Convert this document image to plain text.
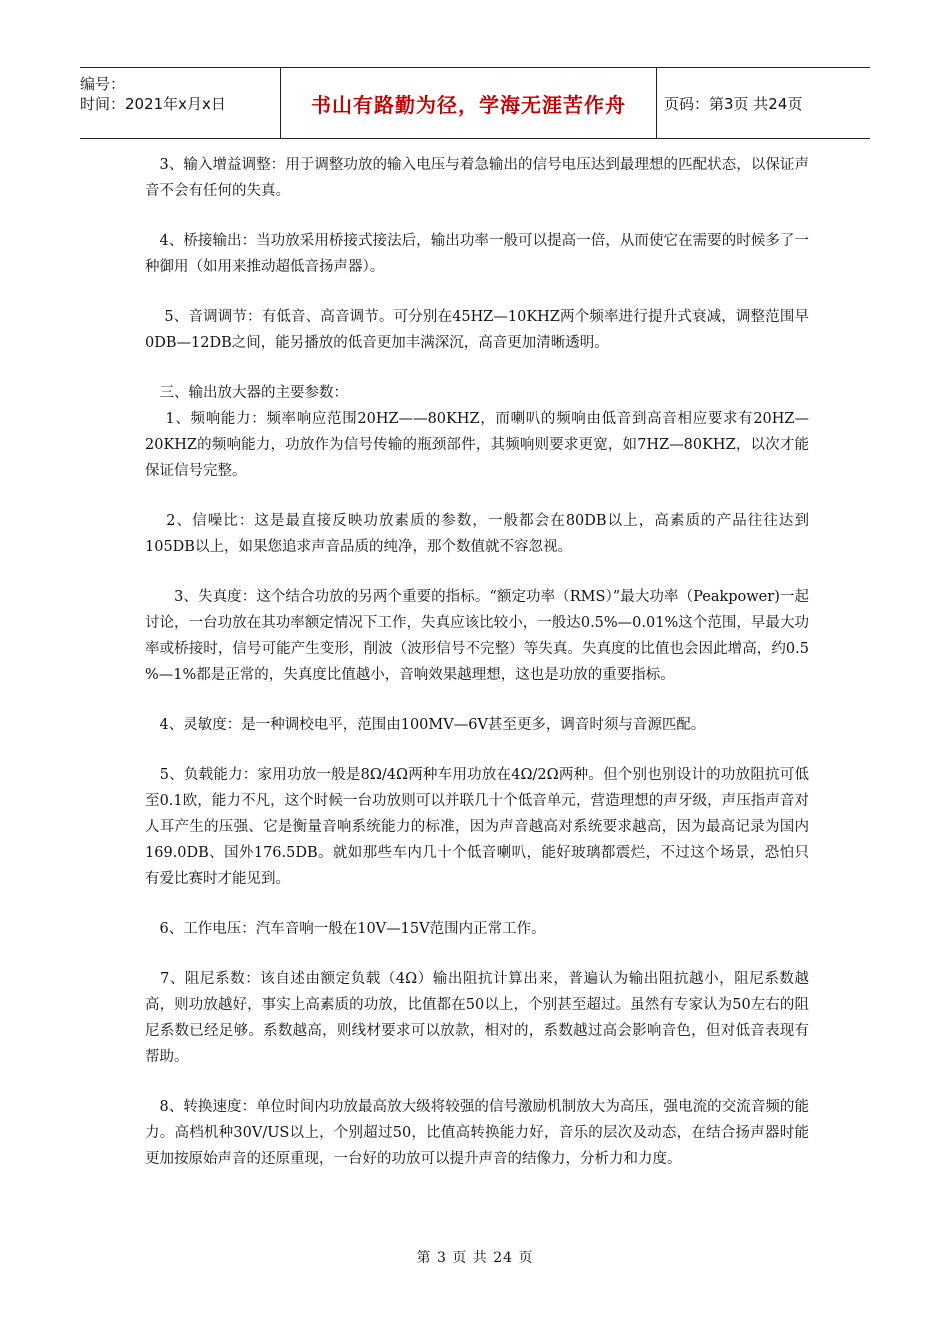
编号：
时间：2021年x月x日	书山有路勤为径，学海无涯苦作舟	页码：第3页 共24页

　3、输入增益调整：用于调整功放的输入电压与着急输出的信号电压达到最理想的匹配状态，以保证声音不会有任何的失真。

　4、桥接输出：当功放采用桥接式接法后，输出功率一般可以提高一倍，从而使它在需要的时候多了一种御用（如用来推动超低音扬声器）。

　 5、音调调节：有低音、高音调节。可分别在45HZ—10KHZ两个频率进行提升式衰减，调整范围早0DB—12DB之间，能另播放的低音更加丰满深沉，高音更加清晰透明。

　三、输出放大器的主要参数：

　 1、频响能力：频率响应范围20HZ——80KHZ，而喇叭的频响由低音到高音相应要求有20HZ—20KHZ的频响能力，功放作为信号传输的瓶颈部件，其频响则要求更宽，如7HZ—80KHZ，以次才能保证信号完整。

　 2、信噪比：这是最直接反映功放素质的参数，一般都会在80DB以上，高素质的产品往往达到105DB以上，如果您追求声音品质的纯净，那个数值就不容忽视。

　　3、失真度：这个结合功放的另两个重要的指标。“额定功率（RMS）”最大功率（Peakpower)一起讨论，一台功放在其功率额定情况下工作，失真应该比较小，一般达0.5%—0.01%这个范围，早最大功率或桥接时，信号可能产生变形，削波（波形信号不完整）等失真。失真度的比值也会因此增高，约0.5 %—1%都是正常的，失真度比值越小，音响效果越理想，这也是功放的重要指标。

　4、灵敏度：是一种调校电平，范围由100MV—6V甚至更多，调音时须与音源匹配。

　5、负载能力：家用功放一般是8Ω/4Ω两种车用功放在4Ω/2Ω两种。但个别也别设计的功放阻抗可低至0.1欧，能力不凡，这个时候一台功放则可以并联几十个低音单元，营造理想的声牙级，声压指声音对人耳产生的压强、它是衡量音响系统能力的标准，因为声音越高对系统要求越高，因为最高记录为国内 169.0DB、国外176.5DB。就如那些车内几十个低音喇叭，能好玻璃都震烂，不过这个场景，恐怕只有爱比赛时才能见到。

　6、工作电压：汽车音响一般在10V—15V范围内正常工作。

　7、阻尼系数：该自述由额定负载（4Ω）输出阻抗计算出来，普遍认为输出阻抗越小，阻尼系数越高，则功放越好，事实上高素质的功放，比值都在50以上，个别甚至超过。虽然有专家认为50左右的阻尼系数已经足够。系数越高，则线材要求可以放款，相对的，系数越过高会影响音色，但对低音表现有帮助。

　8、转换速度：单位时间内功放最高放大级将较强的信号激励机制放大为高压，强电流的交流音频的能力。高档机种30V/US以上，个别超过50，比值高转换能力好，音乐的层次及动态，在结合扬声器时能更加按原始声音的还原重现，一台好的功放可以提升声音的结像力，分析力和力度。

第 3 页 共 24 页
